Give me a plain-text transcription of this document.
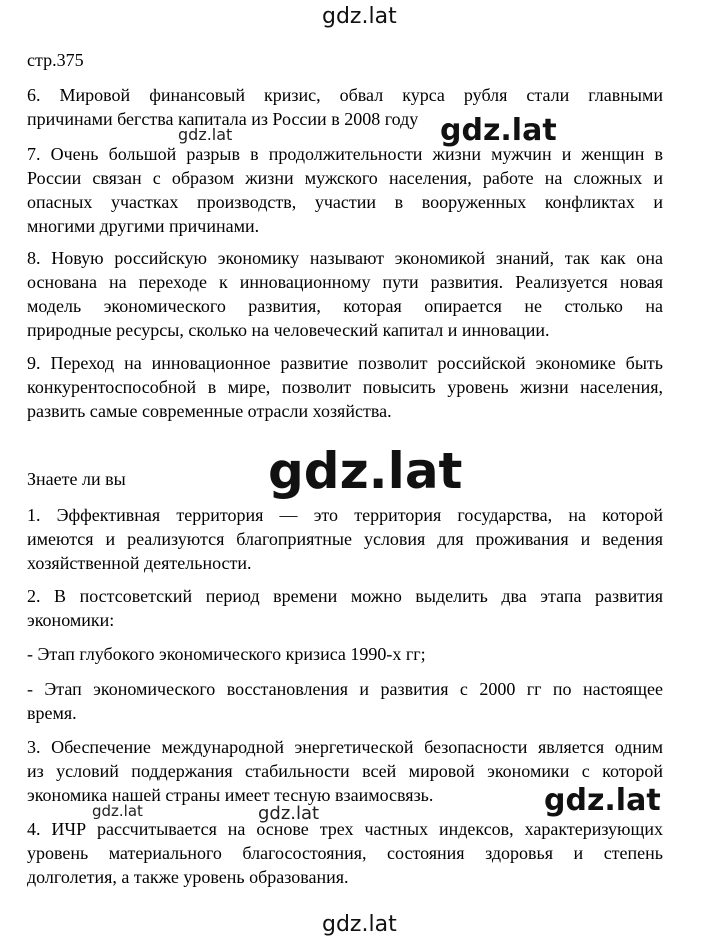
gdz.lat
стр.375
6. Мировой финансовый кризис, обвал курса рубля стали главными
причинами бегства капитала из России в 2008 году
7. Очень большой разрыв в продолжительности жизни мужчин и женщин в
России связан с образом жизни мужского населения, работе на сложных и
опасных участках производств, участии в вооруженных конфликтах и
многими другими причинами.
8. Новую российскую экономику называют экономикой знаний, так как она
основана на переходе к инновационному пути развития. Реализуется новая
модель экономического развития, которая опирается не столько на
природные ресурсы, сколько на человеческий капитал и инновации.
9. Переход на инновационное развитие позволит российской экономике быть
конкурентоспособной в мире, позволит повысить уровень жизни населения,
развить самые современные отрасли хозяйства.
Знаете ли вы
1. Эффективная территория — это территория государства, на которой
имеются и реализуются благоприятные условия для проживания и ведения
хозяйственной деятельности.
2. В постсоветский период времени можно выделить два этапа развития
экономики:
- Этап глубокого экономического кризиса 1990-х гг;
- Этап экономического восстановления и развития с 2000 гг по настоящее
время.
3. Обеспечение международной энергетической безопасности является одним
из условий поддержания стабильности всей мировой экономики с которой
экономика нашей страны имеет тесную взаимосвязь.
4. ИЧР рассчитывается на основе трех частных индексов, характеризующих
уровень материального благосостояния, состояния здоровья и степень
долголетия, а также уровень образования.
gdz.lat	gdz.lat
gdz.lat
gdz.lat
gdz.lat	gdz.lat
gdz.lat
